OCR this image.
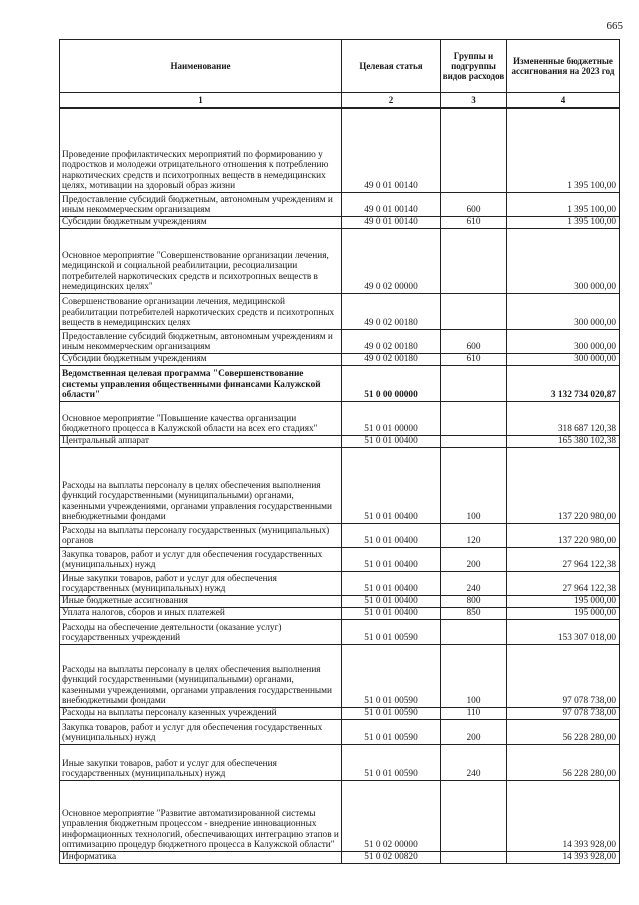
665
Наименование	Целевая статья	Группы и подгруппы видов расходов	Измененные бюджетные ассигнования на 2023 год
1	2	3	4
Проведение профилактических мероприятий по формированию у подростков и молодежи отрицательного отношения к потреблению наркотических средств и психотропных веществ в немедицинских целях, мотивации на здоровый образ жизни	49 0 01 00140		1 395 100,00
Предоставление субсидий бюджетным, автономным учреждениям и иным некоммерческим организациям	49 0 01 00140	600	1 395 100,00
Субсидии бюджетным учреждениям	49 0 01 00140	610	1 395 100,00
Основное мероприятие "Совершенствование организации лечения, медицинской и социальной реабилитации, ресоциализации потребителей наркотических средств и психотропных веществ в немедицинских целях"	49 0 02 00000		300 000,00
Совершенствование организации лечения, медицинской реабилитации потребителей наркотических средств и психотропных веществ в немедицинских целях	49 0 02 00180		300 000,00
Предоставление субсидий бюджетным, автономным учреждениям и иным некоммерческим организациям	49 0 02 00180	600	300 000,00
Субсидии бюджетным учреждениям	49 0 02 00180	610	300 000,00
Ведомственная целевая программа "Совершенствование системы управления общественными финансами Калужской области"	51 0 00 00000		3 132 734 020,87
Основное мероприятие "Повышение качества организации бюджетного процесса в Калужской области на всех его стадиях"	51 0 01 00000		318 687 120,38
Центральный аппарат	51 0 01 00400		165 380 102,38
Расходы на выплаты персоналу в целях обеспечения выполнения функций государственными (муниципальными) органами, казенными учреждениями, органами управления государственными внебюджетными фондами	51 0 01 00400	100	137 220 980,00
Расходы на выплаты персоналу государственных (муниципальных) органов	51 0 01 00400	120	137 220 980,00
Закупка товаров, работ и услуг для обеспечения государственных (муниципальных) нужд	51 0 01 00400	200	27 964 122,38
Иные закупки товаров, работ и услуг для обеспечения государственных (муниципальных) нужд	51 0 01 00400	240	27 964 122,38
Иные бюджетные ассигнования	51 0 01 00400	800	195 000,00
Уплата налогов, сборов и иных платежей	51 0 01 00400	850	195 000,00
Расходы на обеспечение деятельности (оказание услуг) государственных учреждений	51 0 01 00590		153 307 018,00
Расходы на выплаты персоналу в целях обеспечения выполнения функций государственными (муниципальными) органами, казенными учреждениями, органами управления государственными внебюджетными фондами	51 0 01 00590	100	97 078 738,00
Расходы на выплаты персоналу казенных учреждений	51 0 01 00590	110	97 078 738,00
Закупка товаров, работ и услуг для обеспечения государственных (муниципальных) нужд	51 0 01 00590	200	56 228 280,00
Иные закупки товаров, работ и услуг для обеспечения государственных (муниципальных) нужд	51 0 01 00590	240	56 228 280,00
Основное мероприятие "Развитие автоматизированной системы управления бюджетным процессом - внедрение инновационных информационных технологий, обеспечивающих интеграцию этапов и оптимизацию процедур бюджетного процесса в Калужской области"	51 0 02 00000		14 393 928,00
Информатика	51 0 02 00820		14 393 928,00
